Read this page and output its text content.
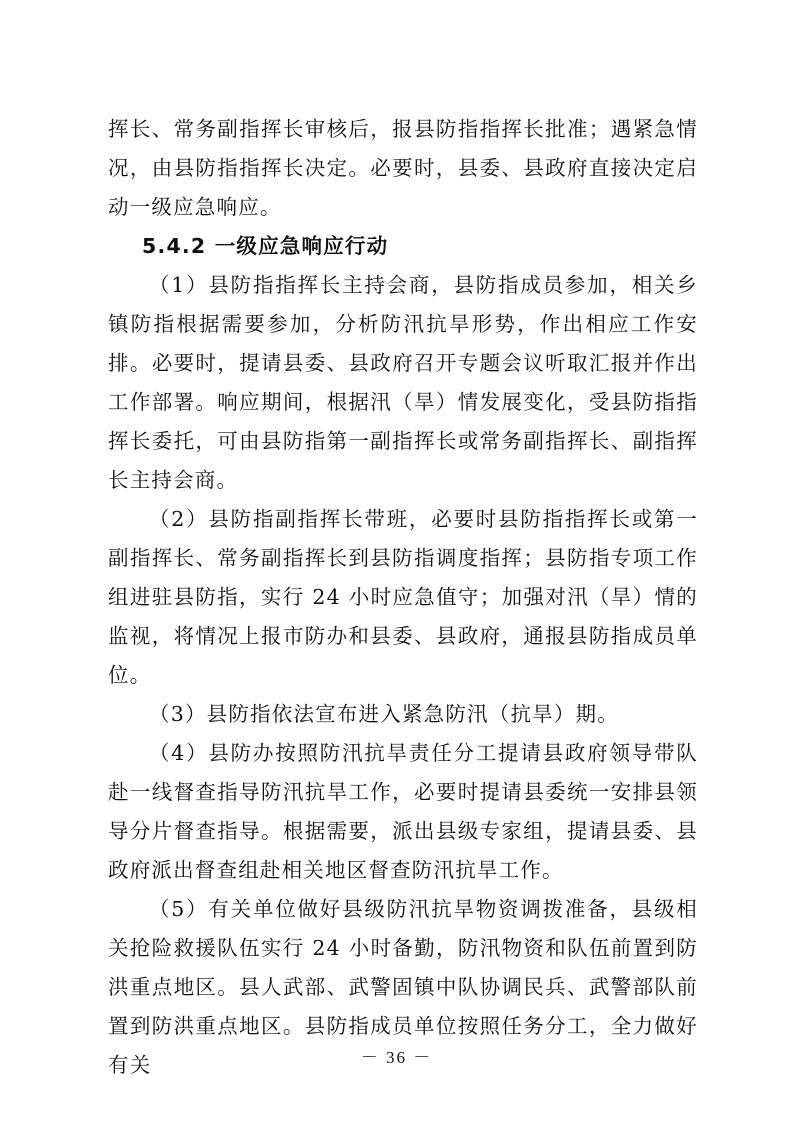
挥长、常务副指挥长审核后，报县防指指挥长批准；遇紧急情况，由县防指指挥长决定。必要时，县委、县政府直接决定启动一级应急响应。

5.4.2 一级应急响应行动

（1）县防指指挥长主持会商，县防指成员参加，相关乡镇防指根据需要参加，分析防汛抗旱形势，作出相应工作安排。必要时，提请县委、县政府召开专题会议听取汇报并作出工作部署。响应期间，根据汛（旱）情发展变化，受县防指指挥长委托，可由县防指第一副指挥长或常务副指挥长、副指挥长主持会商。

（2）县防指副指挥长带班，必要时县防指指挥长或第一副指挥长、常务副指挥长到县防指调度指挥；县防指专项工作组进驻县防指，实行 24 小时应急值守；加强对汛（旱）情的监视，将情况上报市防办和县委、县政府，通报县防指成员单位。

（3）县防指依法宣布进入紧急防汛（抗旱）期。

（4）县防办按照防汛抗旱责任分工提请县政府领导带队赴一线督查指导防汛抗旱工作，必要时提请县委统一安排县领导分片督查指导。根据需要，派出县级专家组，提请县委、县政府派出督查组赴相关地区督查防汛抗旱工作。

（5）有关单位做好县级防汛抗旱物资调拨准备，县级相关抢险救援队伍实行 24 小时备勤，防汛物资和队伍前置到防洪重点地区。县人武部、武警固镇中队协调民兵、武警部队前置到防洪重点地区。县防指成员单位按照任务分工，全力做好有关	－ 36 －
